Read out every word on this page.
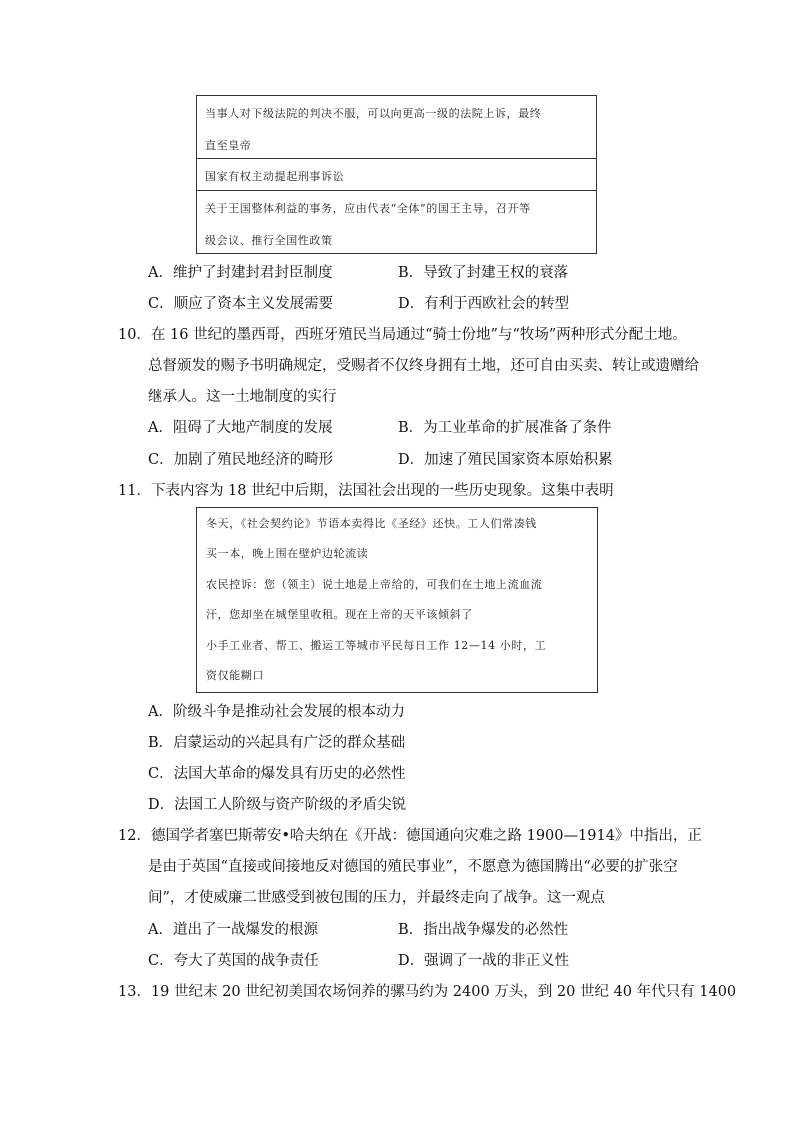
当事人对下级法院的判决不服，可以向更高一级的法院上诉，最终
直至皇帝

国家有权主动提起刑事诉讼

关于王国整体利益的事务，应由代表“全体”的国王主导，召开等
级会议、推行全国性政策
A．维护了封建封君封臣制度	B．导致了封建王权的衰落
C．顺应了资本主义发展需要	D．有利于西欧社会的转型
10．在 16 世纪的墨西哥，西班牙殖民当局通过“骑士份地”与“牧场”两种形式分配土地。
总督颁发的赐予书明确规定，受赐者不仅终身拥有土地，还可自由买卖、转让或遗赠给
继承人。这一土地制度的实行
A．阻碍了大地产制度的发展	B．为工业革命的扩展准备了条件
C．加剧了殖民地经济的畸形	D．加速了殖民国家资本原始积累
11．下表内容为 18 世纪中后期，法国社会出现的一些历史现象。这集中表明
冬天，《社会契约论》节语本卖得比《圣经》还快。工人们常凑钱
买一本，晚上围在壁炉边轮流读
农民控诉：您（领主）说土地是上帝给的，可我们在土地上流血流
汗，您却坐在城堡里收租。现在上帝的天平该倾斜了
小手工业者、帮工、搬运工等城市平民每日工作 12—14 小时，工
资仅能糊口
A．阶级斗争是推动社会发展的根本动力
B．启蒙运动的兴起具有广泛的群众基础
C．法国大革命的爆发具有历史的必然性
D．法国工人阶级与资产阶级的矛盾尖锐
12．德国学者塞巴斯蒂安•哈夫纳在《开战：德国通向灾难之路 1900—1914》中指出，正
是由于英国“直接或间接地反对德国的殖民事业”，不愿意为德国腾出“必要的扩张空
间”，才使威廉二世感受到被包围的压力，并最终走向了战争。这一观点
A．道出了一战爆发的根源	B．指出战争爆发的必然性
C．夸大了英国的战争责任	D．强调了一战的非正义性
13．19 世纪末 20 世纪初美国农场饲养的骡马约为 2400 万头，到 20 世纪 40 年代只有 1400
